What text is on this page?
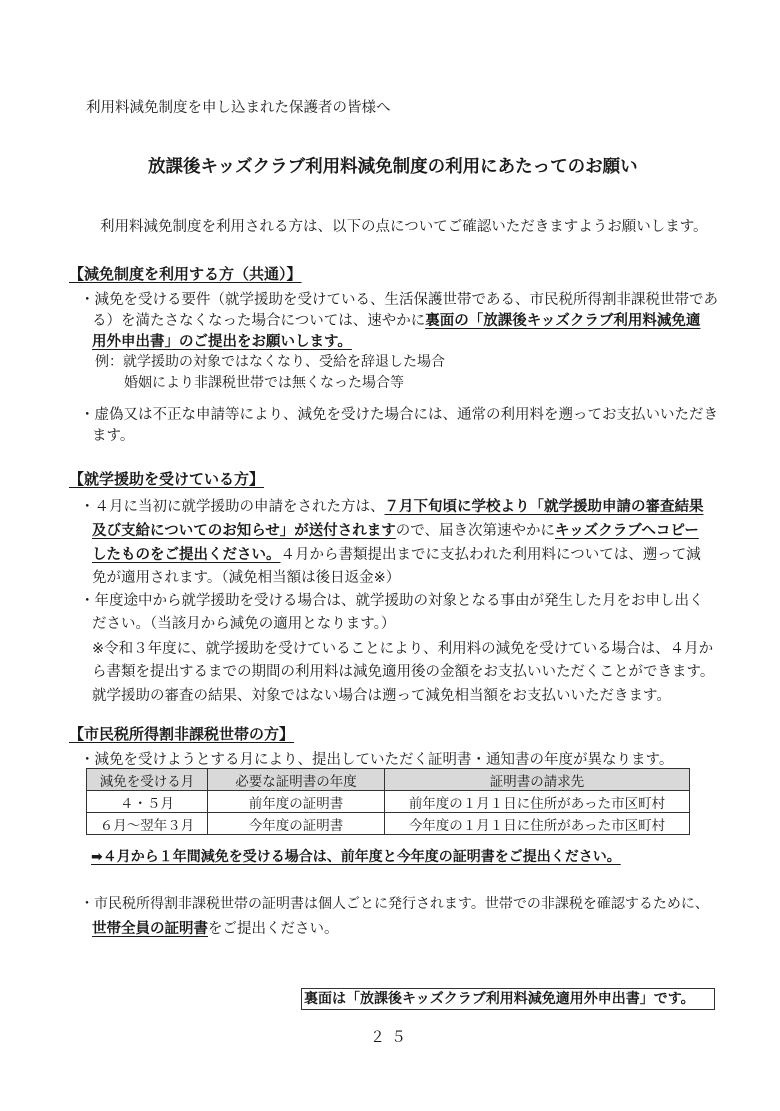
利用料減免制度を申し込まれた保護者の皆様へ
放課後キッズクラブ利用料減免制度の利用にあたってのお願い
利用料減免制度を利用される方は、以下の点についてご確認いただきますようお願いします。
【減免制度を利用する方（共通）】
・減免を受ける要件（就学援助を受けている、生活保護世帯である、市民税所得割非課税世帯であ
る）を満たさなくなった場合については、速やかに裏面の「放課後キッズクラブ利用料減免適
用外申出書」のご提出をお願いします。
例：就学援助の対象ではなくなり、受給を辞退した場合
婚姻により非課税世帯では無くなった場合等
・虚偽又は不正な申請等により、減免を受けた場合には、通常の利用料を遡ってお支払いいただき
ます。
【就学援助を受けている方】
・４月に当初に就学援助の申請をされた方は、７月下旬頃に学校より「就学援助申請の審査結果
及び支給についてのお知らせ」が送付されますので、届き次第速やかにキッズクラブへコピー
したものをご提出ください。４月から書類提出までに支払われた利用料については、遡って減
免が適用されます。（減免相当額は後日返金※）
・年度途中から就学援助を受ける場合は、就学援助の対象となる事由が発生した月をお申し出く
ださい。（当該月から減免の適用となります。）
※令和３年度に、就学援助を受けていることにより、利用料の減免を受けている場合は、４月か
ら書類を提出するまでの期間の利用料は減免適用後の金額をお支払いいただくことができます。
就学援助の審査の結果、対象ではない場合は遡って減免相当額をお支払いいただきます。
【市民税所得割非課税世帯の方】
・減免を受けようとする月により、提出していただく証明書・通知書の年度が異なります。
減免を受ける月	必要な証明書の年度	証明書の請求先
４・５月	前年度の証明書	前年度の１月１日に住所があった市区町村
６月～翌年３月	今年度の証明書	今年度の１月１日に住所があった市区町村
➡４月から１年間減免を受ける場合は、前年度と今年度の証明書をご提出ください。
・市民税所得割非課税世帯の証明書は個人ごとに発行されます。世帯での非課税を確認するために、
世帯全員の証明書をご提出ください。
裏面は「放課後キッズクラブ利用料減免適用外申出書」です。
２５
